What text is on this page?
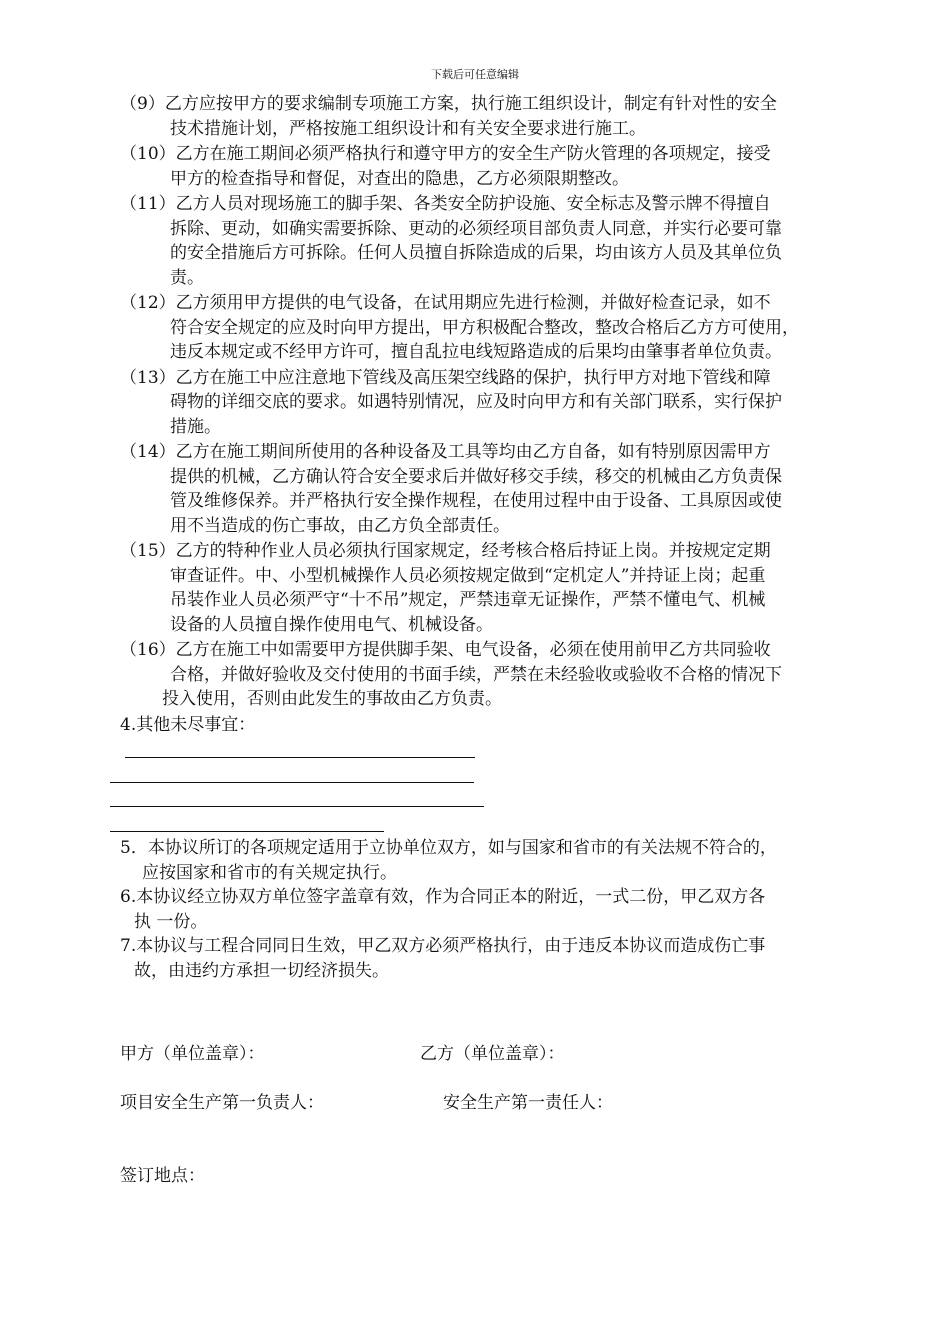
下载后可任意编辑
（9）乙方应按甲方的要求编制专项施工方案，执行施工组织设计，制定有针对性的安全
技术措施计划，严格按施工组织设计和有关安全要求进行施工。
（10）乙方在施工期间必须严格执行和遵守甲方的安全生产防火管理的各项规定，接受
甲方的检查指导和督促，对查出的隐患，乙方必须限期整改。
（11）乙方人员对现场施工的脚手架、各类安全防护设施、安全标志及警示牌不得擅自
拆除、更动，如确实需要拆除、更动的必须经项目部负责人同意，并实行必要可靠
的安全措施后方可拆除。任何人员擅自拆除造成的后果，均由该方人员及其单位负
责。
（12）乙方须用甲方提供的电气设备，在试用期应先进行检测，并做好检查记录，如不
符合安全规定的应及时向甲方提出，甲方积极配合整改，整改合格后乙方方可使用，
违反本规定或不经甲方许可，擅自乱拉电线短路造成的后果均由肇事者单位负责。
（13）乙方在施工中应注意地下管线及高压架空线路的保护，执行甲方对地下管线和障
碍物的详细交底的要求。如遇特别情况，应及时向甲方和有关部门联系，实行保护
措施。
（14）乙方在施工期间所使用的各种设备及工具等均由乙方自备，如有特别原因需甲方
提供的机械，乙方确认符合安全要求后并做好移交手续，移交的机械由乙方负责保
管及维修保养。并严格执行安全操作规程，在使用过程中由于设备、工具原因或使
用不当造成的伤亡事故，由乙方负全部责任。
（15）乙方的特种作业人员必须执行国家规定，经考核合格后持证上岗。并按规定定期
审查证件。中、小型机械操作人员必须按规定做到“定机定人”并持证上岗；起重
吊装作业人员必须严守“十不吊”规定，严禁违章无证操作，严禁不懂电气、机械
设备的人员擅自操作使用电气、机械设备。
（16）乙方在施工中如需要甲方提供脚手架、电气设备，必须在使用前甲乙方共同验收
合格，并做好验收及交付使用的书面手续，严禁在未经验收或验收不合格的情况下
投入使用，否则由此发生的事故由乙方负责。
4.其他未尽事宜：
5．本协议所订的各项规定适用于立协单位双方，如与国家和省市的有关法规不符合的，
应按国家和省市的有关规定执行。
6.本协议经立协双方单位签字盖章有效，作为合同正本的附近，一式二份，甲乙双方各
执 一份。
7.本协议与工程合同同日生效，甲乙双方必须严格执行，由于违反本协议而造成伤亡事
故，由违约方承担一切经济损失。
甲方（单位盖章）：	乙方（单位盖章）：
项目安全生产第一负责人：	安全生产第一责任人：
签订地点：
